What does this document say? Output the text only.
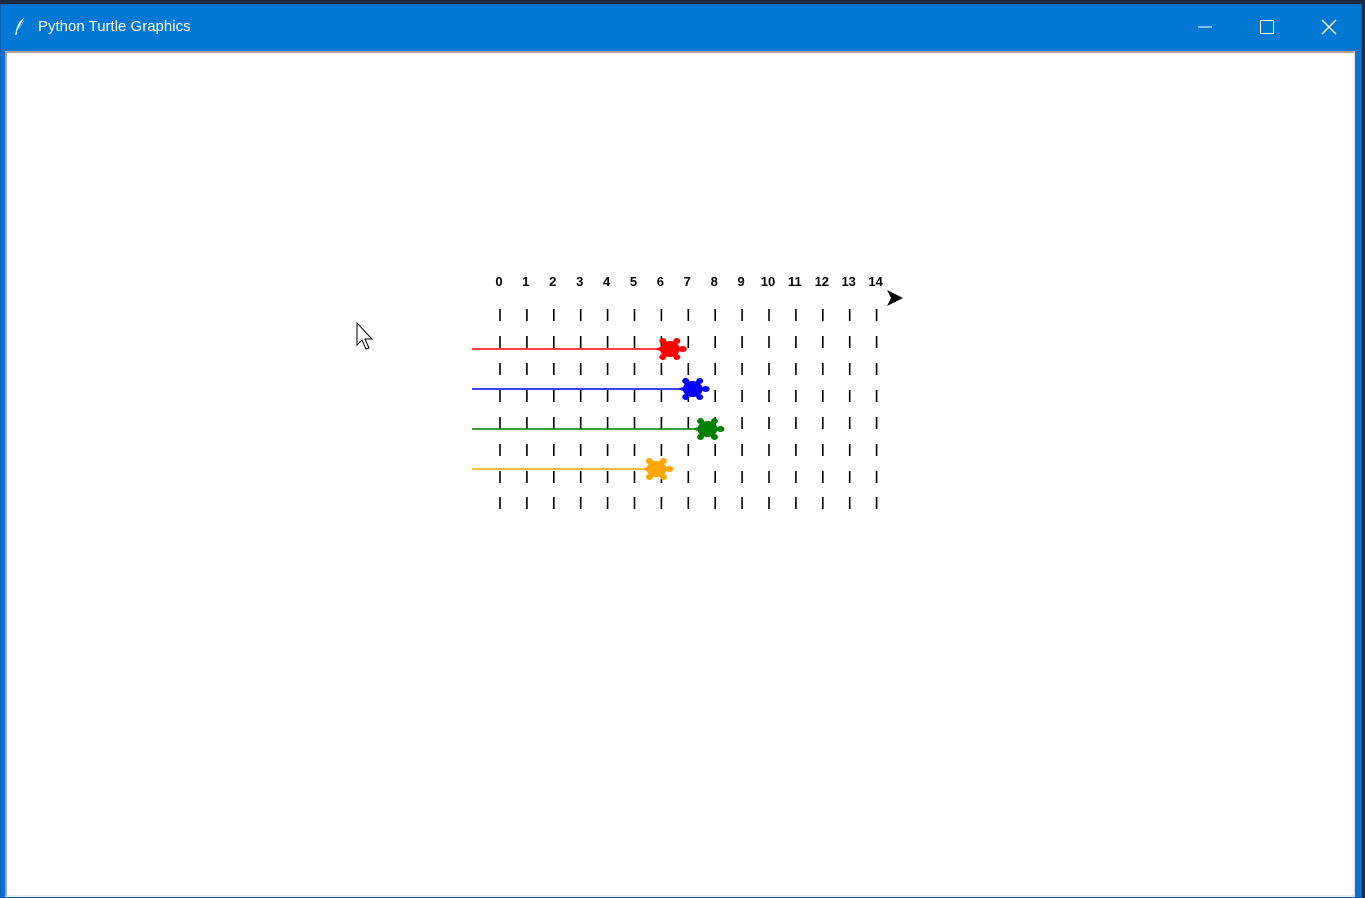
Python Turtle Graphics
0 1 2 3 4 5 6 7 8 9 10 11 12 13 14
